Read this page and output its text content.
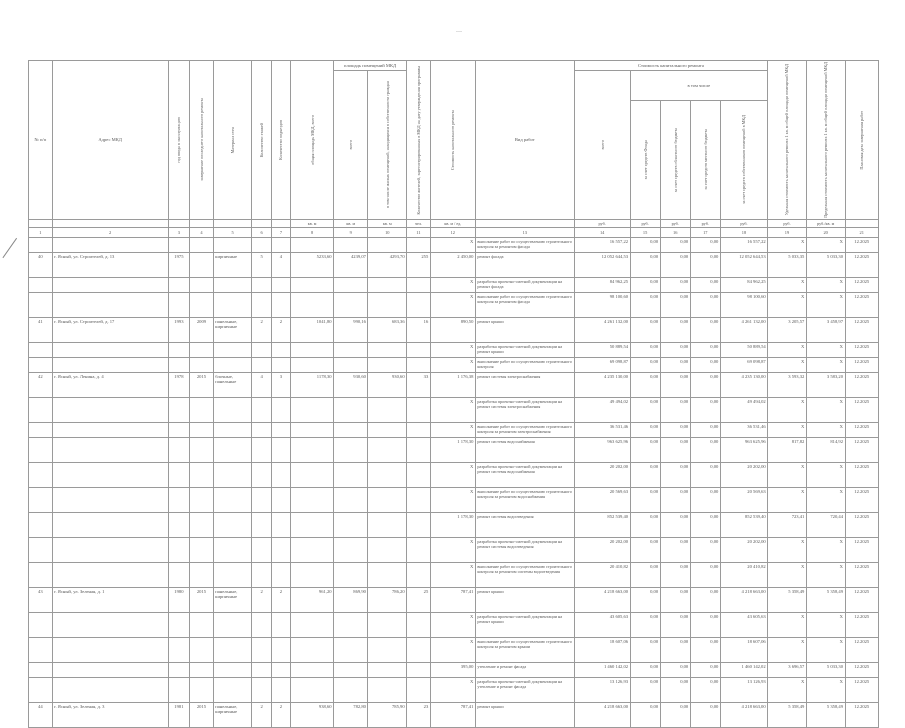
…
№ п/п	Адрес МКД	год ввода в эксплуатацию	завершение последнего капитального ремонта	Материал стен	Количество этажей	Количество подъездов	общая площадь МКД, всего	площадь помещений МКД		Количество жителей, зарегистрированных в МКД на дату утверждения программы	Стоимость капитального ремонта	Вид работ	Стоимость капитального ремонта					Удельная стоимость капитального ремонта 1 кв. м общей площади помещений МКД	Предельная стоимость капитального ремонта 1 кв. м общей площади помещений МКД	Плановая дата завершения работ

								всего	в том числе жилых помещений, находящихся в собственности граждан				всего	в том числе						

														за счет средств Фонда	за счет средств областного бюджета	за счет средств местного бюджета	за счет средств собственников помещений в МКД			

							кв. м	кв. м	кв. м	чел.	кв. м / ед.		руб.	руб.	руб.	руб.	руб.	руб.	руб./кв. м	
1	2	3	4	5	6	7	8	9	10	11	12	13	14	15	16	17	18	19	20	21
											Х	выполнение работ по осуществлению строительного контроля за ремонтом фасада	16 557,22	0,00	0,00	0,00	16 557,22	Х	Х	12.2025
40	г. Ясный, ул. Строителей, д. 13	1975		кирпичные	5	4	5233,60	4239,07	4293,70	255	2 450,00	ремонт фасада	12 052 644,53	0,00	0,00	0,00	12 052 644,53	5 033,35	5 033,30	12.2025
											Х	разработка проектно-сметной документации на ремонт фасада	84 962,25	0,00	0,00	0,00	84 962,25	Х	Х	12.2025
											Х	выполнение работ по осуществлению строительного контроля за ремонтом фасада	98 100,60	0,00	0,00	0,00	98 100,60	Х	Х	12.2025
41	г. Ясный, ул. Строителей, д. 17	1993	2009	панельные, кирпичные	2	2	1041,80	990,16	683,36	16	890,50	ремонт крыши	4 261 132,00	0,00	0,00	0,00	4 261 132,00	3 205,57	3 458,97	12.2025
											Х	разработка проектно-сметной документации на ремонт крыши	50 889,54	0,00	0,00	0,00	50 889,54	Х	Х	12.2025
											Х	выполнение работ по осуществлению строительного контроля	69 098,87	0,00	0,00	0,00	69 098,87	Х	Х	12.2025
42	г. Ясный, ул. Ленина, д. 4	1978	2015	блочные, панельные	4	3	1178,30	930,60	930,60	33	1 176,38	ремонт системы электроснабжения	4 235 130,00	0,00	0,00	0,00	4 235 130,00	3 593,32	3 583,20	12.2025
											Х	разработка проектно-сметной документации на ремонт системы электроснабжения	49 494,02	0,00	0,00	0,00	49 494,02	Х	Х	12.2025
											Х	выполнение работ по осуществлению строительного контроля за ремонтом электроснабжения	36 531,46	0,00	0,00	0,00	36 531,46	Х	Х	12.2025
											1 178,30	ремонт системы водоснабжения	963 625,96	0,00	0,00	0,00	963 625,96	817,82	814,92	12.2025
											Х	разработка проектно-сметной документации на ремонт системы водоснабжения	20 202,00	0,00	0,00	0,00	20 202,00	Х	Х	12.2025
											Х	выполнение работ по осуществлению строительного контроля за ремонтом водоснабжения	20 569,63	0,00	0,00	0,00	20 569,63	Х	Х	12.2025
											1 178,30	ремонт системы водоотведения	852 539,40	0,00	0,00	0,00	852 539,40	723,41	720,44	12.2025
											Х	разработка проектно-сметной документации на ремонт системы водоотведения	20 202,00	0,00	0,00	0,00	20 202,00	Х	Х	12.2025
											Х	выполнение работ по осуществлению строительного контроля за ремонтом системы водоотведения	20 410,82	0,00	0,00	0,00	20 410,82	Х	Х	12.2025
43	г. Ясный, ул. Зеленая, д. 1	1980	2015	панельные, кирпичные	2	2	961,20	869,90	786,20	25	787,41	ремонт крыши	4 218 663,00	0,00	0,00	0,00	4 218 663,00	5 358,49	5 358,49	12.2025
											Х	разработка проектно-сметной документации на ремонт крыши	43 605,63	0,00	0,00	0,00	43 605,63	Х	Х	12.2025
											Х	выполнение работ по осуществлению строительного контроля за ремонтом крыши	18 607,06	0,00	0,00	0,00	18 607,06	Х	Х	12.2025
											395,00	утепление и ремонт фасада	1 460 142,02	0,00	0,00	0,00	1 460 142,02	3 696,57	5 033,30	12.2025
											Х	разработка проектно-сметной документации на утепление и ремонт фасада	13 126,93	0,00	0,00	0,00	13 126,93	Х	Х	12.2025
44	г. Ясный, ул. Зеленая, д. 3	1981	2015	панельные, кирпичные	2	2	938,60	782,80	785,90	23	787,41	ремонт крыши	4 218 663,00	0,00	0,00	0,00	4 218 663,00	5 358,49	5 358,49	12.2025
